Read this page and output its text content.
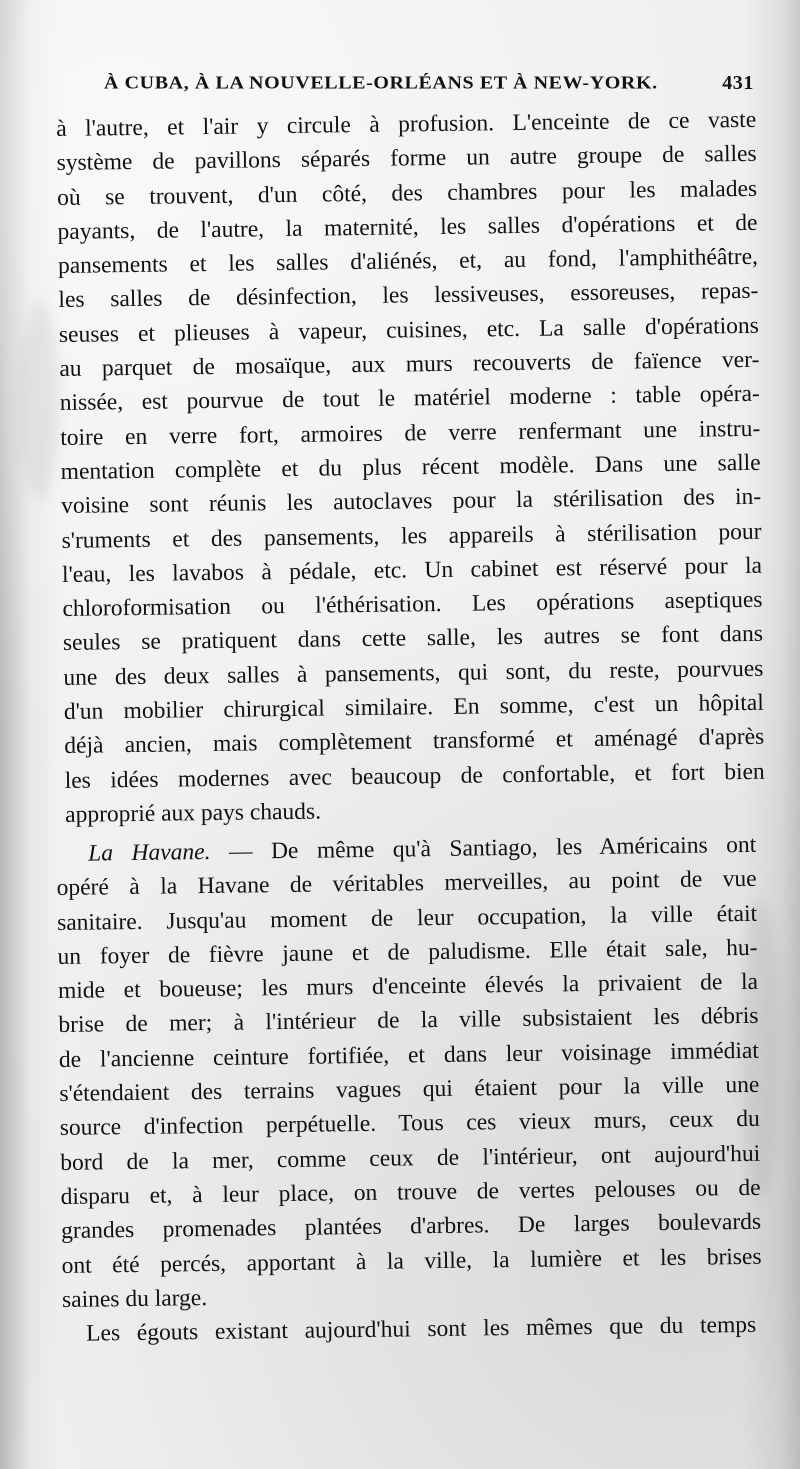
À CUBA, À LA NOUVELLE-ORLÉANS ET À NEW-YORK.	431
à l'autre, et l'air y circule à profusion. L'enceinte de ce vaste
système de pavillons séparés forme un autre groupe de salles
où se trouvent, d'un côté, des chambres pour les malades
payants, de l'autre, la maternité, les salles d'opérations et de
pansements et les salles d'aliénés, et, au fond, l'amphithéâtre,
les salles de désinfection, les lessiveuses, essoreuses, repas-
seuses et plieuses à vapeur, cuisines, etc. La salle d'opérations
au parquet de mosaïque, aux murs recouverts de faïence ver-
nissée, est pourvue de tout le matériel moderne : table opéra-
toire en verre fort, armoires de verre renfermant une instru-
mentation complète et du plus récent modèle. Dans une salle
voisine sont réunis les autoclaves pour la stérilisation des in-
s'ruments et des pansements, les appareils à stérilisation pour
l'eau, les lavabos à pédale, etc. Un cabinet est réservé pour la
chloroformisation ou l'éthérisation. Les opérations aseptiques
seules se pratiquent dans cette salle, les autres se font dans
une des deux salles à pansements, qui sont, du reste, pourvues
d'un mobilier chirurgical similaire. En somme, c'est un hôpital
déjà ancien, mais complètement transformé et aménagé d'après
les idées modernes avec beaucoup de confortable, et fort bien
approprié aux pays chauds.
La Havane. — De même qu'à Santiago, les Américains ont
opéré à la Havane de véritables merveilles, au point de vue
sanitaire. Jusqu'au moment de leur occupation, la ville était
un foyer de fièvre jaune et de paludisme. Elle était sale, hu-
mide et boueuse; les murs d'enceinte élevés la privaient de la
brise de mer; à l'intérieur de la ville subsistaient les débris
de l'ancienne ceinture fortifiée, et dans leur voisinage immédiat
s'étendaient des terrains vagues qui étaient pour la ville une
source d'infection perpétuelle. Tous ces vieux murs, ceux du
bord de la mer, comme ceux de l'intérieur, ont aujourd'hui
disparu et, à leur place, on trouve de vertes pelouses ou de
grandes promenades plantées d'arbres. De larges boulevards
ont été percés, apportant à la ville, la lumière et les brises
saines du large.
Les égouts existant aujourd'hui sont les mêmes que du temps
